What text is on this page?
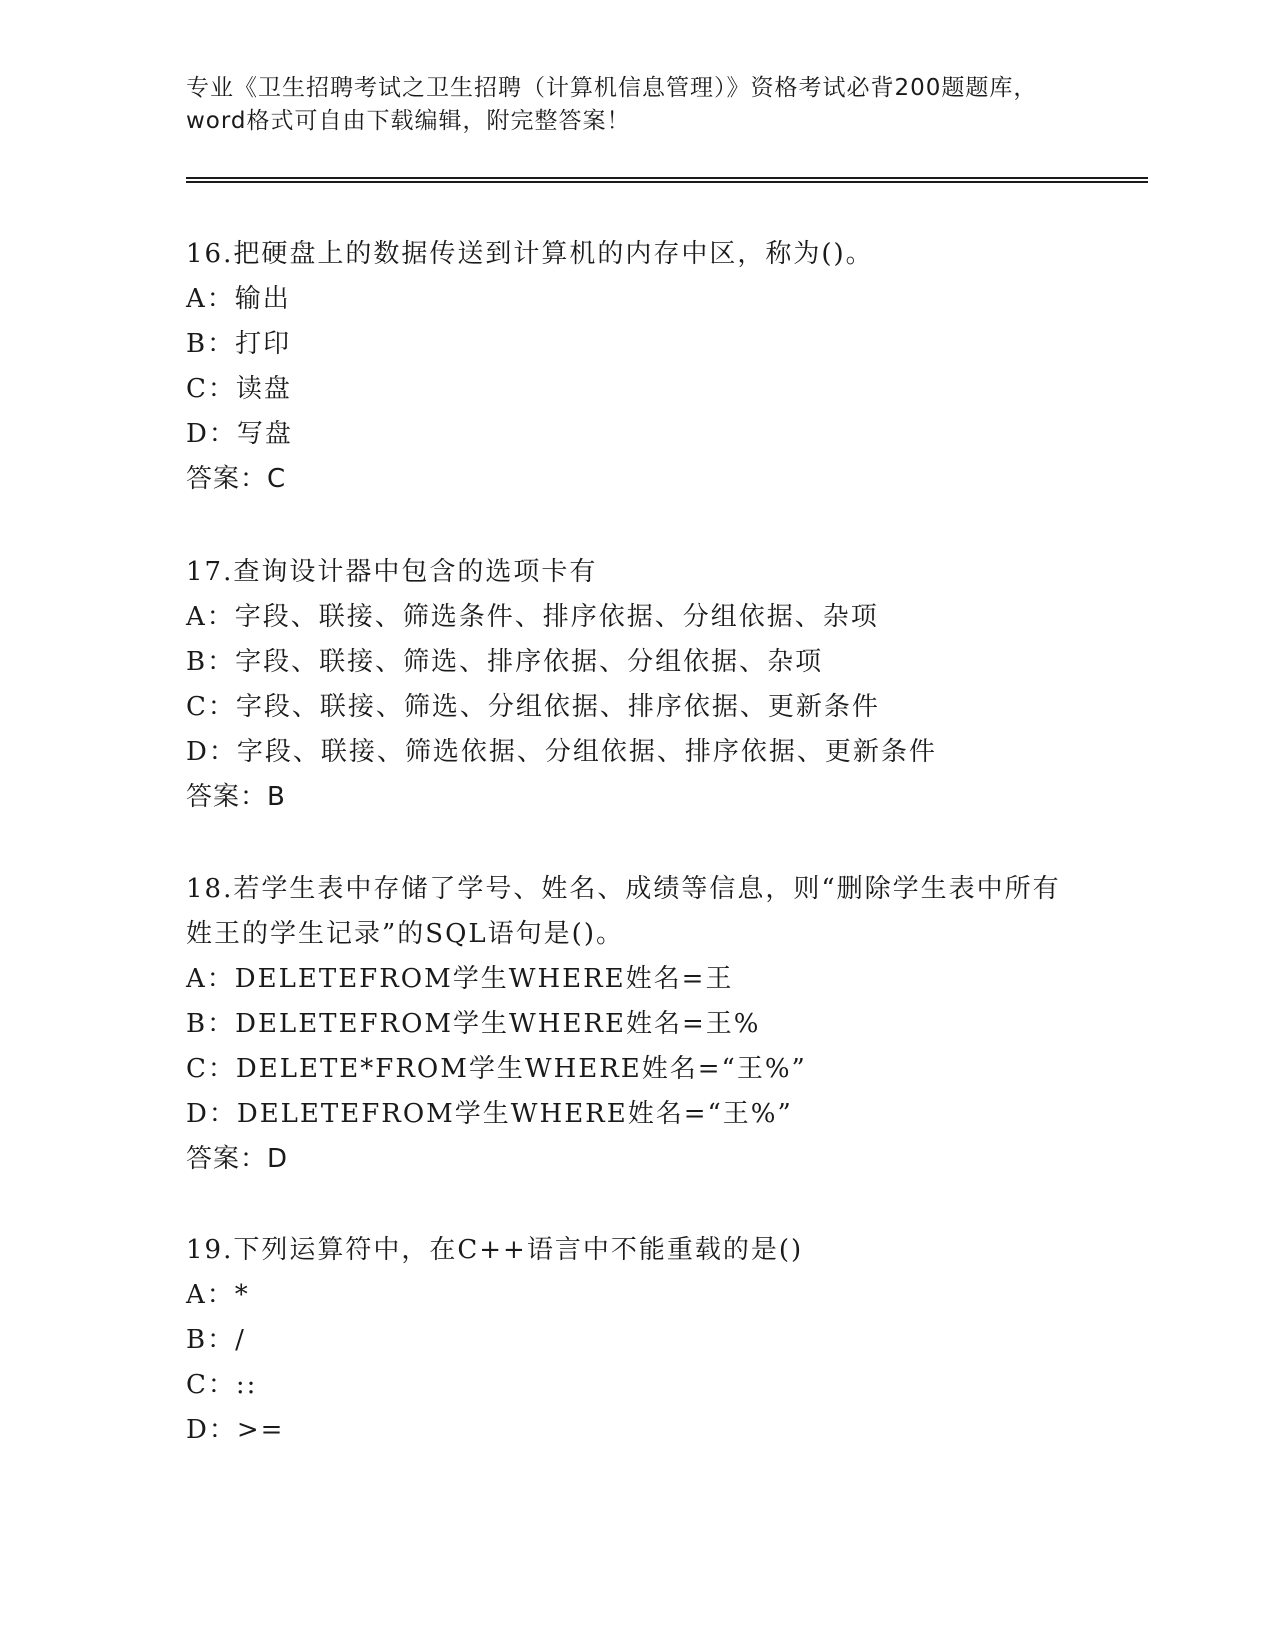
专业《卫生招聘考试之卫生招聘（计算机信息管理）》资格考试必背200题题库，word格式可自由下载编辑，附完整答案！
16.把硬盘上的数据传送到计算机的内存中区，称为()。
A：输出
B：打印
C：读盘
D：写盘
答案：C
17.查询设计器中包含的选项卡有
A：字段、联接、筛选条件、排序依据、分组依据、杂项
B：字段、联接、筛选、排序依据、分组依据、杂项
C：字段、联接、筛选、分组依据、排序依据、更新条件
D：字段、联接、筛选依据、分组依据、排序依据、更新条件
答案：B
18.若学生表中存储了学号、姓名、成绩等信息，则“删除学生表中所有姓王的学生记录”的SQL语句是()。
A：DELETEFROM学生WHERE姓名=王
B：DELETEFROM学生WHERE姓名=王%
C：DELETE*FROM学生WHERE姓名=“王%”
D：DELETEFROM学生WHERE姓名=“王%”
答案：D
19.下列运算符中，在C++语言中不能重载的是()
A：*
B：/
C：::
D：>=
